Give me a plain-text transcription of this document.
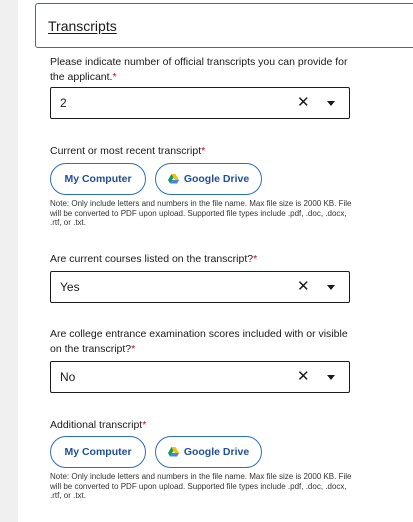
Transcripts
Please indicate number of official transcripts you can provide for the applicant.*
2	✕
Current or most recent transcript*
My Computer	Google Drive
Note: Only include letters and numbers in the file name. Max file size is 2000 KB. File will be converted to PDF upon upload. Supported file types include .pdf, .doc, .docx, .rtf, or .txt.
Are current courses listed on the transcript?*
Yes	✕
Are college entrance examination scores included with or visible on the transcript?*
No	✕
Additional transcript*
My Computer	Google Drive
Note: Only include letters and numbers in the file name. Max file size is 2000 KB. File will be converted to PDF upon upload. Supported file types include .pdf, .doc, .docx, .rtf, or .txt.
